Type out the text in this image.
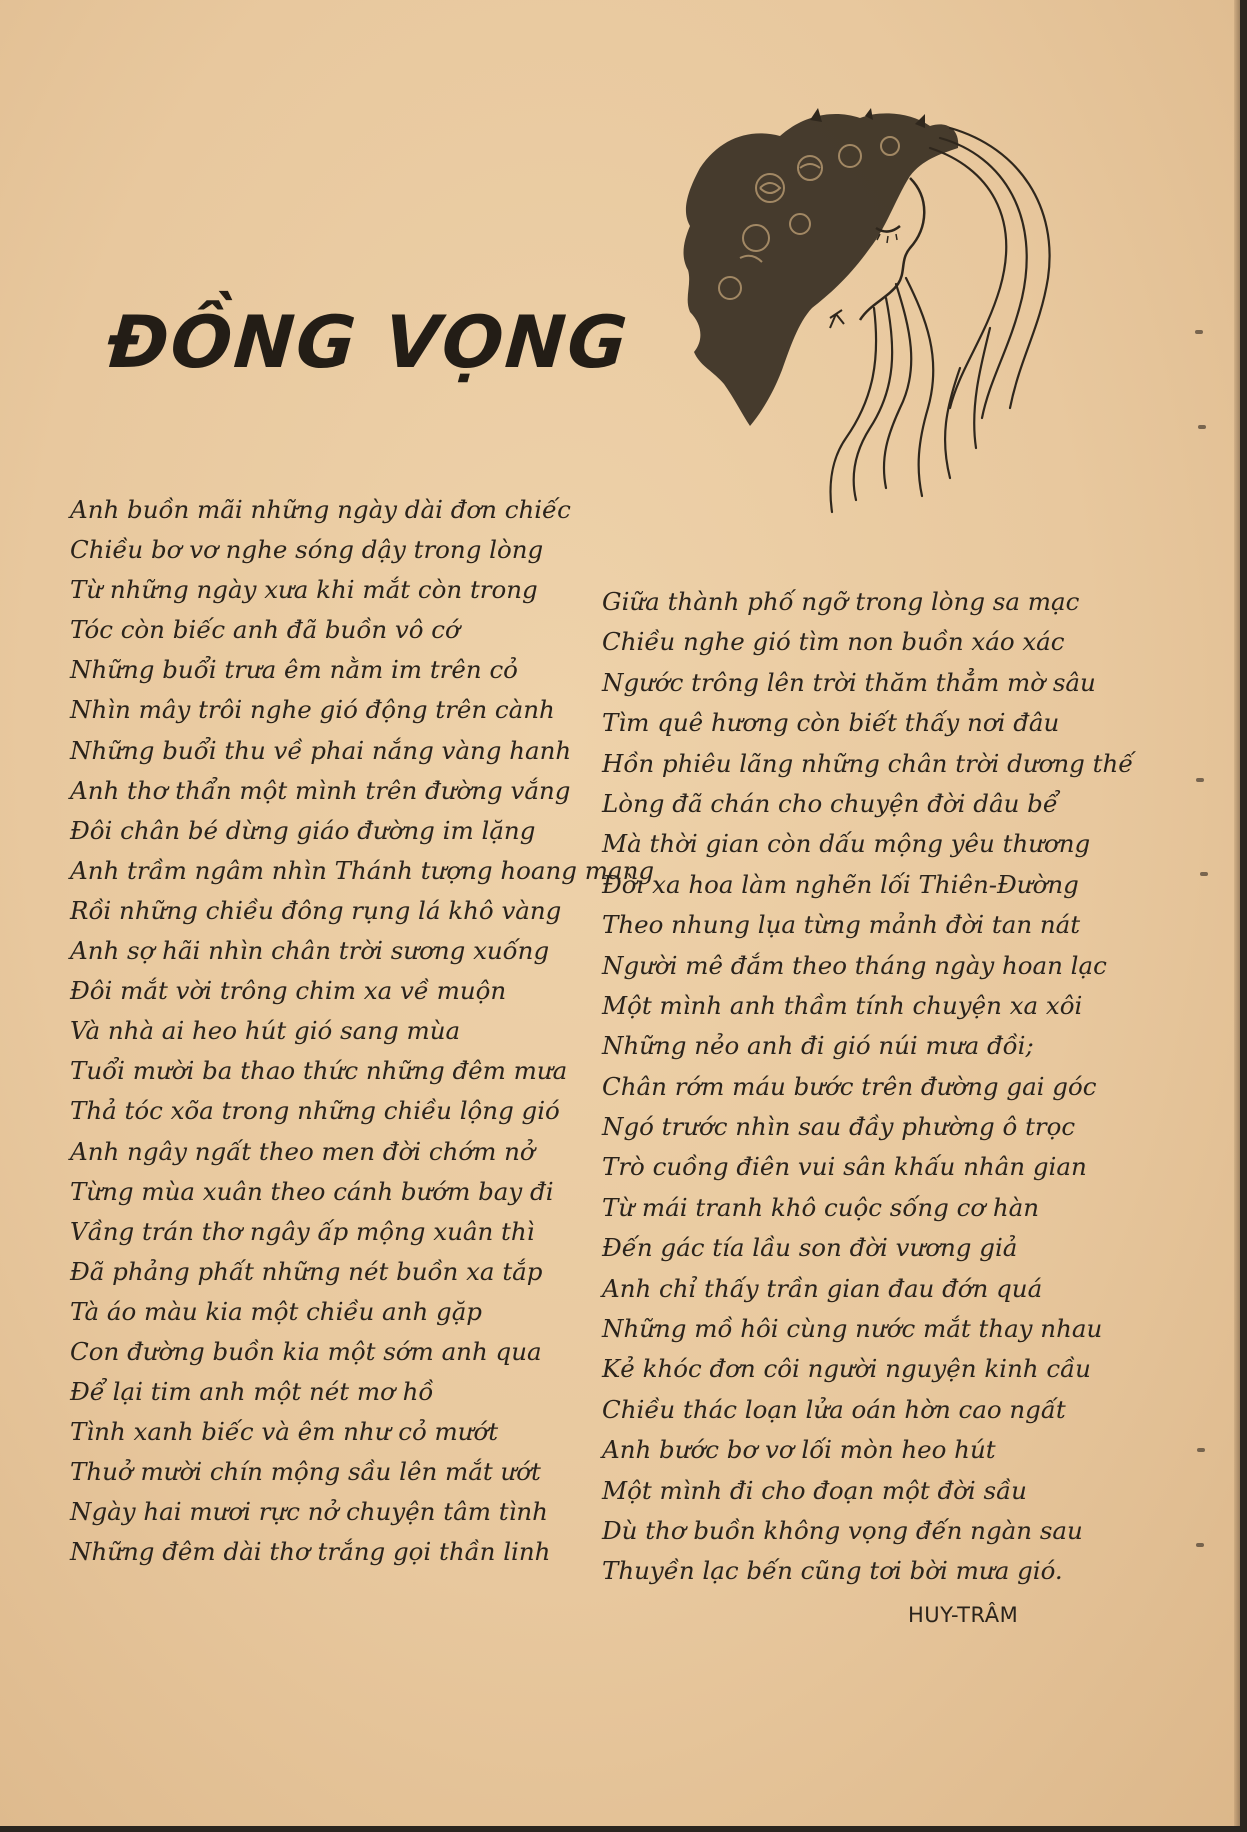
ĐỒNG VỌNG
Anh buồn mãi những ngày dài đơn chiếc
Chiều bơ vơ nghe sóng dậy trong lòng
Từ những ngày xưa khi mắt còn trong
Tóc còn biếc anh đã buồn vô cớ
Những buổi trưa êm nằm im trên cỏ
Nhìn mây trôi nghe gió động trên cành
Những buổi thu về phai nắng vàng hanh
Anh thơ thẩn một mình trên đường vắng
Đôi chân bé dừng giáo đường im lặng
Anh trầm ngâm nhìn Thánh tượng hoang mang
Rồi những chiều đông rụng lá khô vàng
Anh sợ hãi nhìn chân trời sương xuống
Đôi mắt vời trông chim xa về muộn
Và nhà ai heo hút gió sang mùa
Tuổi mười ba thao thức những đêm mưa
Thả tóc xõa trong những chiều lộng gió
Anh ngây ngất theo men đời chớm nở
Từng mùa xuân theo cánh bướm bay đi
Vầng trán thơ ngây ấp mộng xuân thì
Đã phảng phất những nét buồn xa tắp
Tà áo màu kia một chiều anh gặp
Con đường buồn kia một sớm anh qua
Để lại tim anh một nét mơ hồ
Tình xanh biếc và êm như cỏ mướt
Thuở mười chín mộng sầu lên mắt ướt
Ngày hai mươi rực nở chuyện tâm tình
Những đêm dài thơ trắng gọi thần linh
Giữa thành phố ngỡ trong lòng sa mạc
Chiều nghe gió tìm non buồn xáo xác
Ngước trông lên trời thăm thẳm mờ sâu
Tìm quê hương còn biết thấy nơi đâu
Hồn phiêu lãng những chân trời dương thế
Lòng đã chán cho chuyện đời dâu bể
Mà thời gian còn dấu mộng yêu thương
Đời xa hoa làm nghẽn lối Thiên-Đường
Theo nhung lụa từng mảnh đời tan nát
Người mê đắm theo tháng ngày hoan lạc
Một mình anh thầm tính chuyện xa xôi
Những nẻo anh đi gió núi mưa đồi;
Chân rớm máu bước trên đường gai góc
Ngó trước nhìn sau đầy phường ô trọc
Trò cuồng điên vui sân khấu nhân gian
Từ mái tranh khô cuộc sống cơ hàn
Đến gác tía lầu son đời vương giả
Anh chỉ thấy trần gian đau đớn quá
Những mồ hôi cùng nước mắt thay nhau
Kẻ khóc đơn côi người nguyện kinh cầu
Chiều thác loạn lửa oán hờn cao ngất
Anh bước bơ vơ lối mòn heo hút
Một mình đi cho đoạn một đời sầu
Dù thơ buồn không vọng đến ngàn sau
Thuyền lạc bến cũng tơi bời mưa gió.
HUY-TRÂM
